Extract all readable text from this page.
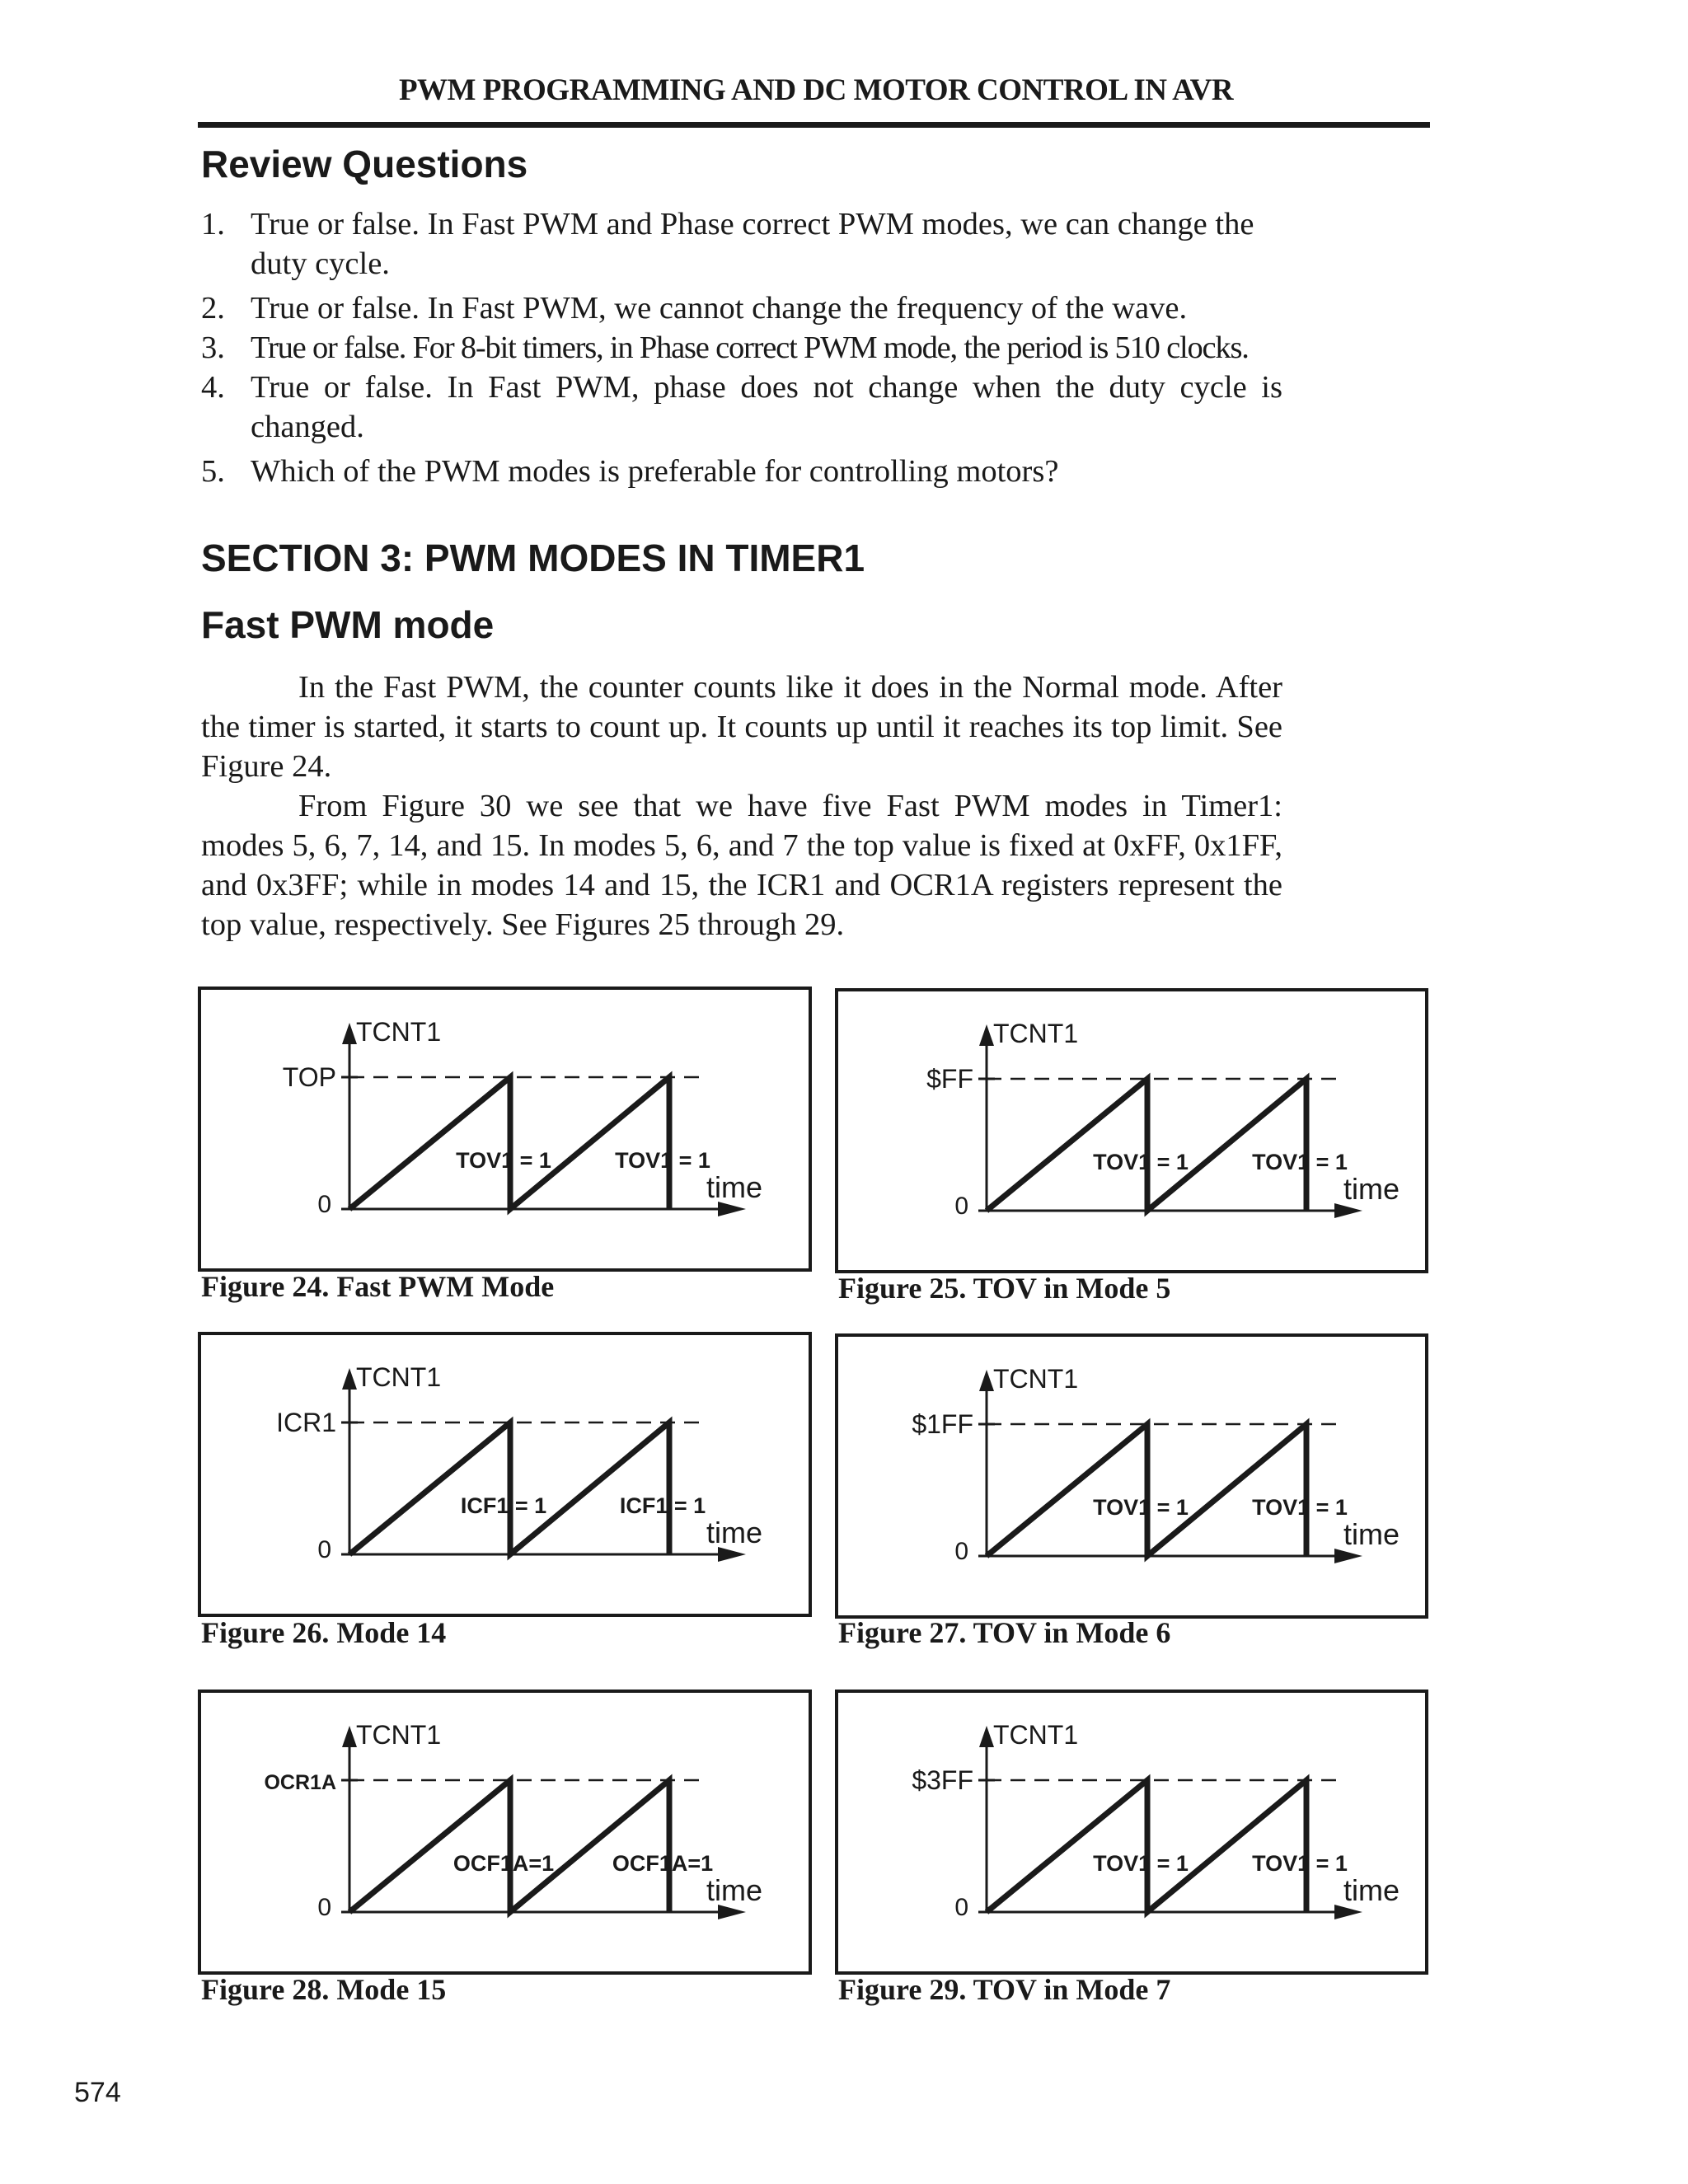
PWM PROGRAMMING AND DC MOTOR CONTROL IN AVR
Review Questions
1. True or false. In Fast PWM and Phase correct PWM modes, we can change the duty cycle.
2. True or false. In Fast PWM, we cannot change the frequency of the wave.
3. True or false. For 8-bit timers, in Phase correct PWM mode, the period is 510 clocks.
4. True or false. In Fast PWM, phase does not change when the duty cycle is changed.
5. Which of the PWM modes is preferable for controlling motors?
SECTION 3: PWM MODES IN TIMER1
Fast PWM mode

In the Fast PWM, the counter counts like it does in the Normal mode. After the timer is started, it starts to count up. It counts up until it reaches its top limit. See Figure 24.

From Figure 30 we see that we have five Fast PWM modes in Timer1: modes 5, 6, 7, 14, and 15. In modes 5, 6, and 7 the top value is fixed at 0xFF, 0x1FF, and 0x3FF; while in modes 14 and 15, the ICR1 and OCR1A registers represent the top value, respectively. See Figures 25 through 29.

TCNT1
TOP
0
TOV1 = 1	TOV1 = 1
time
Figure 24. Fast PWM Mode
TCNT1
$FF
0
TOV1 = 1	TOV1 = 1
time
Figure 25. TOV in Mode 5
TCNT1
ICR1
0
ICF1 = 1	ICF1 = 1
time
Figure 26. Mode 14
TCNT1
$1FF
0
TOV1 = 1	TOV1 = 1
time
Figure 27. TOV in Mode 6
TCNT1
OCR1A
0
OCF1A=1	OCF1A=1
time
Figure 28. Mode 15
TCNT1
$3FF
0
TOV1 = 1	TOV1 = 1
time
Figure 29. TOV in Mode 7
574
